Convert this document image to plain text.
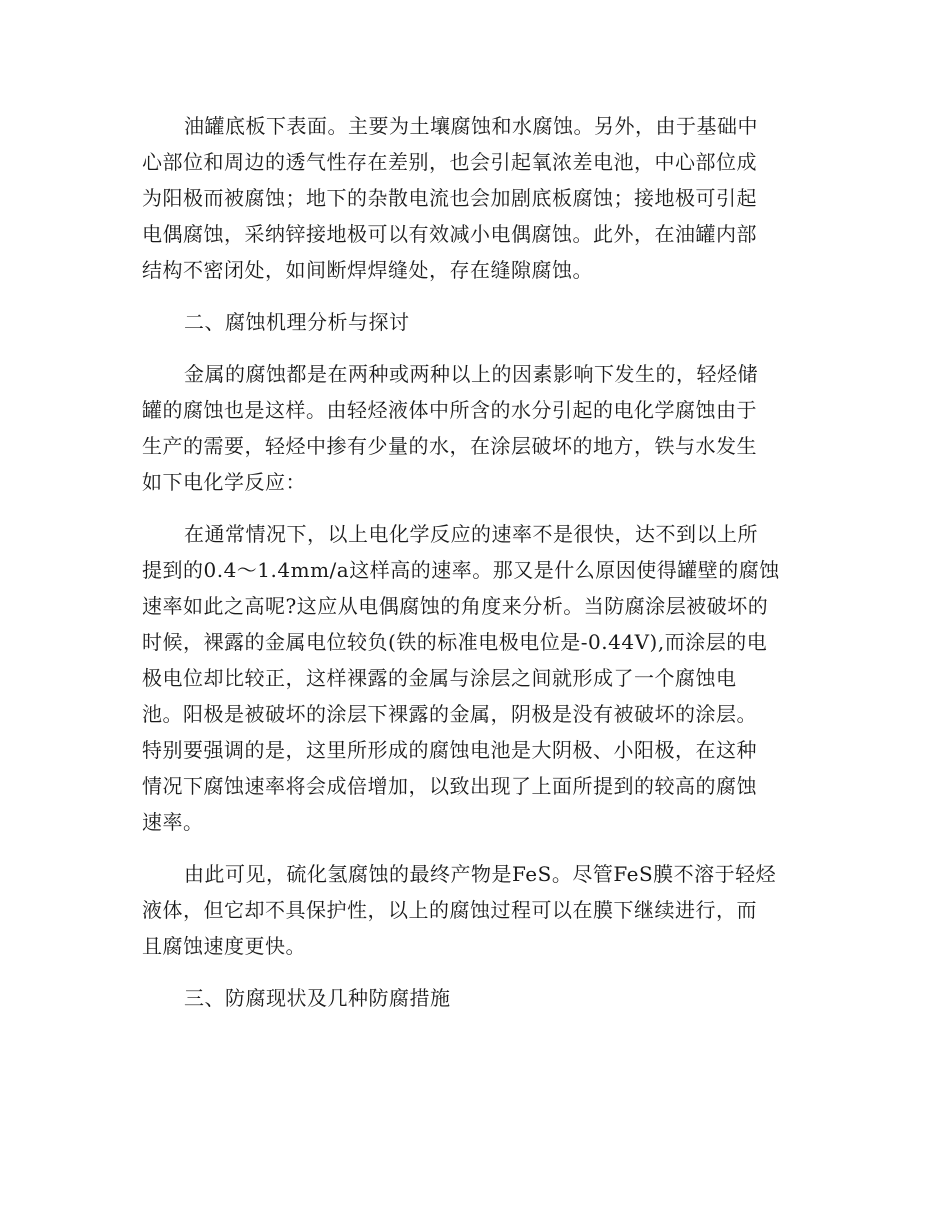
油罐底板下表面。主要为土壤腐蚀和水腐蚀。另外，由于基础中
心部位和周边的透气性存在差别，也会引起氧浓差电池，中心部位成
为阳极而被腐蚀；地下的杂散电流也会加剧底板腐蚀；接地极可引起
电偶腐蚀，采纳锌接地极可以有效减小电偶腐蚀。此外，在油罐内部
结构不密闭处，如间断焊焊缝处，存在缝隙腐蚀。

二、腐蚀机理分析与探讨

金属的腐蚀都是在两种或两种以上的因素影响下发生的，轻烃储
罐的腐蚀也是这样。由轻烃液体中所含的水分引起的电化学腐蚀由于
生产的需要，轻烃中掺有少量的水，在涂层破坏的地方，铁与水发生
如下电化学反应：

在通常情况下，以上电化学反应的速率不是很快，达不到以上所
提到的0.4～1.4mm/a这样高的速率。那又是什么原因使得罐壁的腐蚀
速率如此之高呢?这应从电偶腐蚀的角度来分析。当防腐涂层被破坏的
时候，裸露的金属电位较负(铁的标准电极电位是-0.44V),而涂层的电
极电位却比较正，这样裸露的金属与涂层之间就形成了一个腐蚀电
池。阳极是被破坏的涂层下裸露的金属，阴极是没有被破坏的涂层。
特别要强调的是，这里所形成的腐蚀电池是大阴极、小阳极，在这种
情况下腐蚀速率将会成倍增加，以致出现了上面所提到的较高的腐蚀
速率。

由此可见，硫化氢腐蚀的最终产物是FeS。尽管FeS膜不溶于轻烃
液体，但它却不具保护性，以上的腐蚀过程可以在膜下继续进行，而
且腐蚀速度更快。

三、防腐现状及几种防腐措施
